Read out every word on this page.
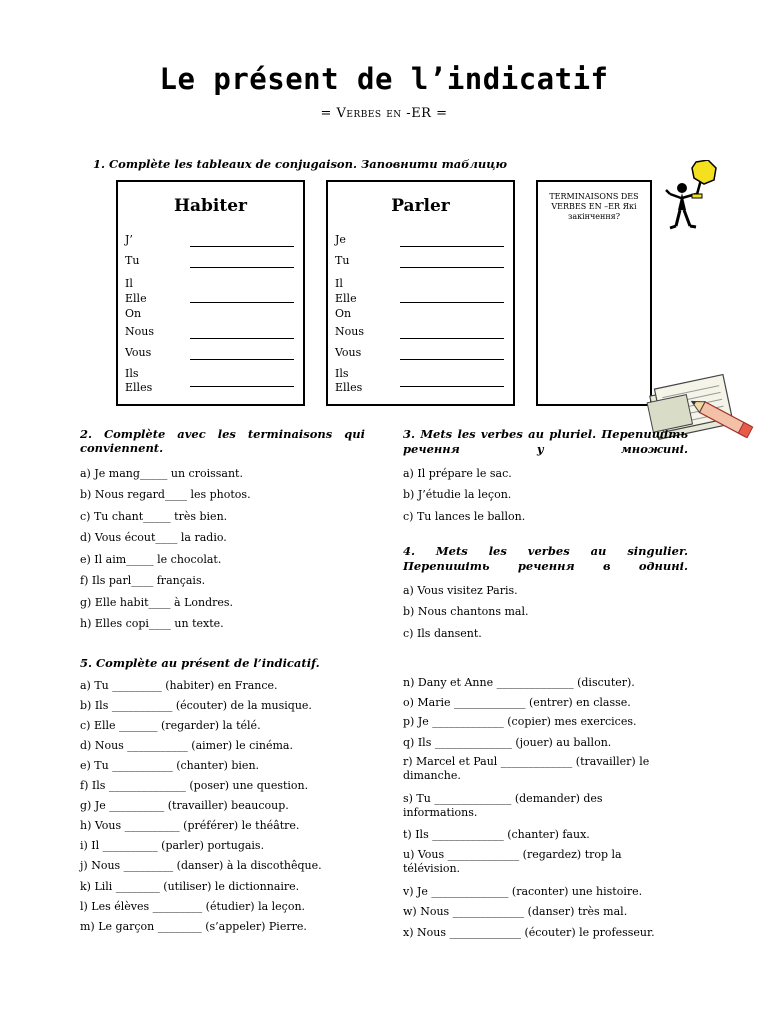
Le présent de l’indicatif
= Verbes en -ER =
1. Complète les tableaux de conjugaison. Заповнити таблицю
Habiter
J’
Tu
Il
Elle
On
Nous
Vous
Ils
Elles
Parler
Je
Tu
Il
Elle
On
Nous
Vous
Ils
Elles
TERMINAISONS DES VERBES EN –ER Які закінчення?
2. Complète avec les terminaisons qui conviennent.
a) Je mang_____ un croissant.
b) Nous regard____ les photos.
c) Tu chant_____ très bien.
d) Vous écout____ la radio.
e) Il aim_____ le chocolat.
f) Ils parl____ français.
g) Elle habit____ à Londres.
h) Elles copi____ un texte.
3. Mets les verbes au pluriel. Перепишіть речення у множині.
a) Il prépare le sac.
b) J’étudie la leçon.
c) Tu lances le ballon.
4. Mets les verbes au singulier. Перепишіть речення в однині.
a) Vous visitez Paris.
b) Nous chantons mal.
c) Ils dansent.
5. Complète au présent de l’indicatif.
a) Tu _________ (habiter) en France.
b) Ils ___________ (écouter) de la musique.
c) Elle _______ (regarder) la télé.
d) Nous ___________ (aimer) le cinéma.
e) Tu ___________ (chanter) bien.
f) Ils ______________ (poser) une question.
g) Je __________ (travailler) beaucoup.
h) Vous __________ (préférer) le théâtre.
i) Il __________ (parler) portugais.
j) Nous _________ (danser) à la discothêque.
k) Lili ________ (utiliser) le dictionnaire.
l) Les élèves _________ (étudier) la leçon.
m) Le garçon ________ (s’appeler) Pierre.
n) Dany et Anne ______________ (discuter).
o) Marie _____________ (entrer) en classe.
p) Je _____________ (copier) mes exercices.
q) Ils ______________ (jouer) au ballon.
r) Marcel et Paul _____________ (travailler) le dimanche.
s) Tu ______________ (demander) des informations.
t) Ils _____________ (chanter) faux.
u) Vous _____________ (regardez) trop la télévision.
v) Je ______________ (raconter) une histoire.
w) Nous _____________ (danser) très mal.
x) Nous _____________ (écouter) le professeur.
